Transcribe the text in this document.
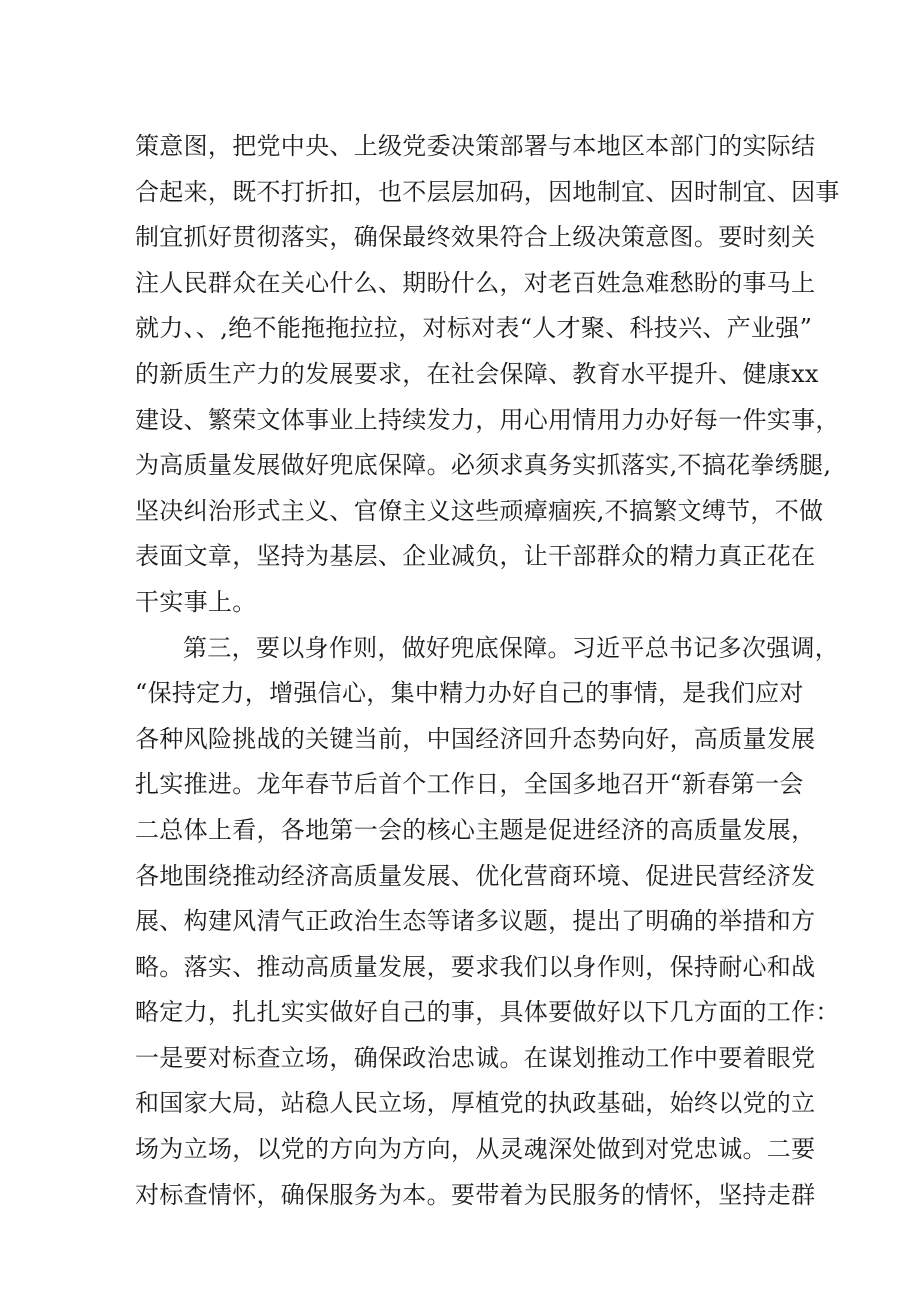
策意图，把党中央、上级党委决策部署与本地区本部门的实际结
合起来，既不打折扣，也不层层加码，因地制宜、因时制宜、因事
制宜抓好贯彻落实，确保最终效果符合上级决策意图。要时刻关
注人民群众在关心什么、期盼什么，对老百姓急难愁盼的事马上
就力、、,绝不能拖拖拉拉，对标对表“人才聚、科技兴、产业强”
的新质生产力的发展要求，在社会保障、教育水平提升、健康xx
建设、繁荣文体事业上持续发力，用心用情用力办好每一件实事，
为高质量发展做好兜底保障。必须求真务实抓落实,不搞花拳绣腿,
坚决纠治形式主义、官僚主义这些顽瘴痼疾,不搞繁文缚节，不做
表面文章，坚持为基层、企业减负，让干部群众的精力真正花在
干实事上。
第三，要以身作则，做好兜底保障。习近平总书记多次强调，
“保持定力，增强信心，集中精力办好自己的事情，是我们应对
各种风险挑战的关键当前，中国经济回升态势向好，高质量发展
扎实推进。龙年春节后首个工作日，全国多地召开“新春第一会
二总体上看，各地第一会的核心主题是促进经济的高质量发展，
各地围绕推动经济高质量发展、优化营商环境、促进民营经济发
展、构建风清气正政治生态等诸多议题，提出了明确的举措和方
略。落实、推动高质量发展，要求我们以身作则，保持耐心和战
略定力，扎扎实实做好自己的事，具体要做好以下几方面的工作：
一是要对标查立场，确保政治忠诚。在谋划推动工作中要着眼党
和国家大局，站稳人民立场，厚植党的执政基础，始终以党的立
场为立场，以党的方向为方向，从灵魂深处做到对党忠诚。二要
对标查情怀，确保服务为本。要带着为民服务的情怀，坚持走群
